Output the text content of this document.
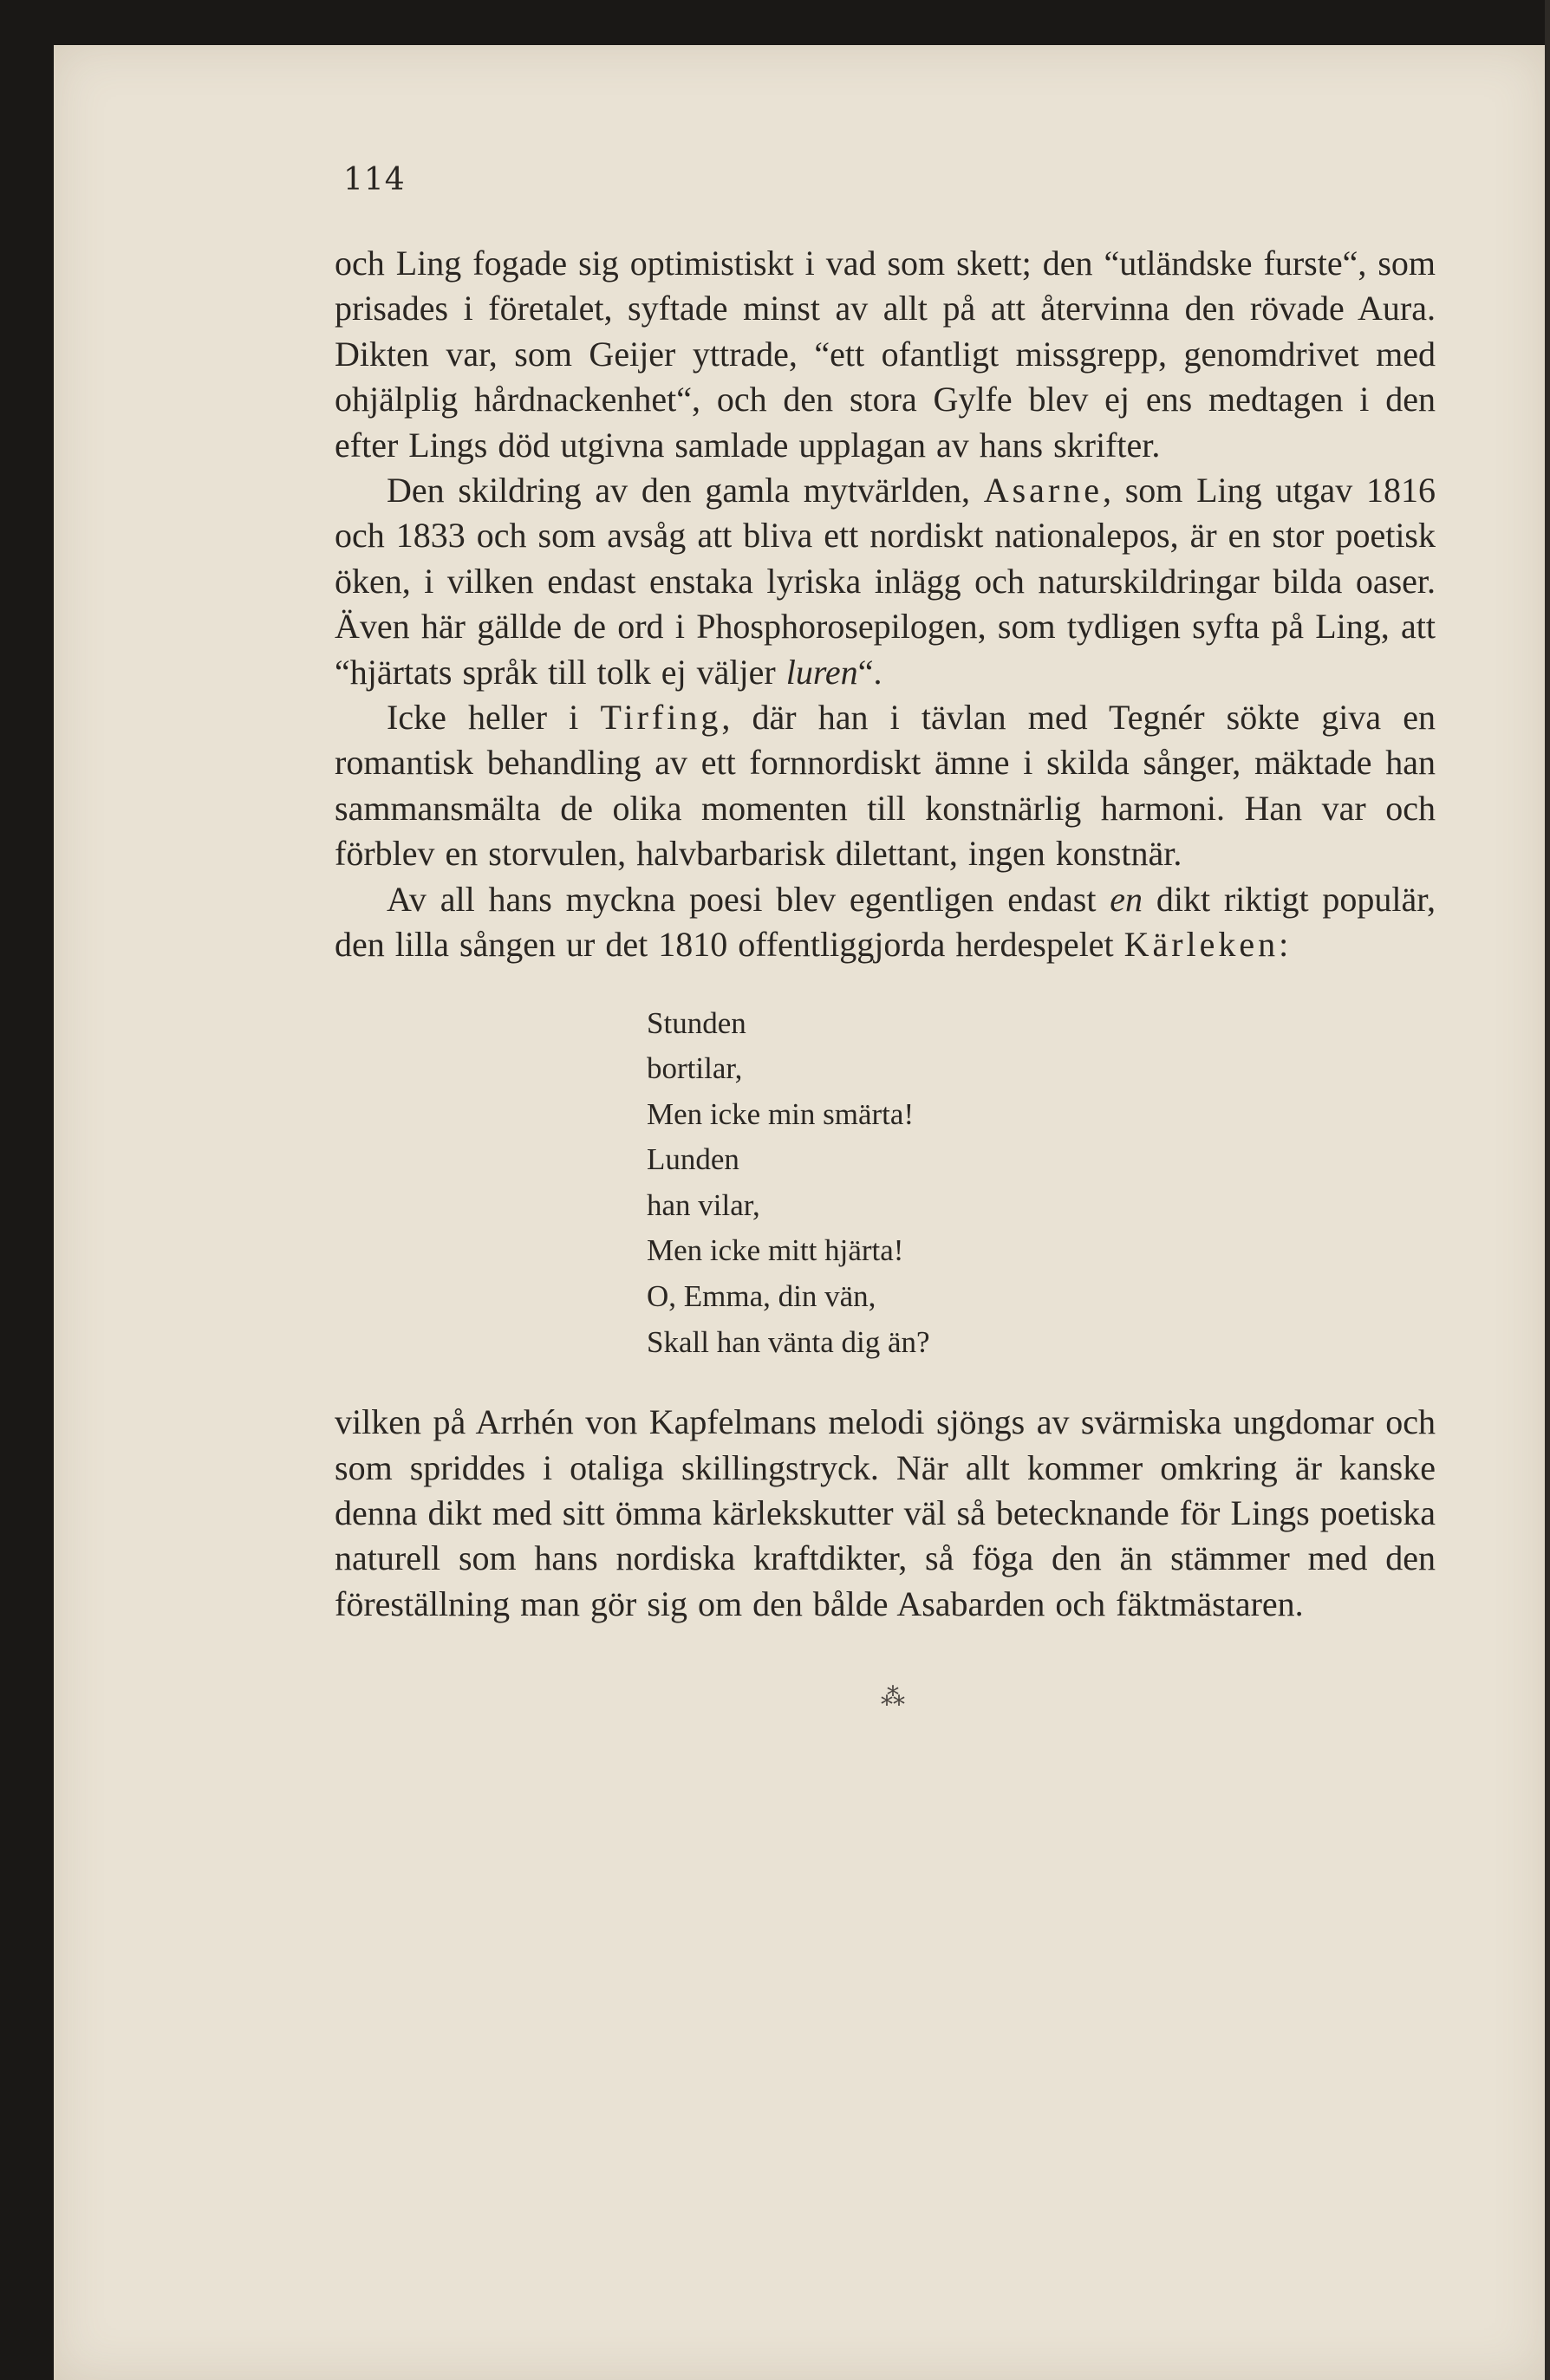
114

och Ling fogade sig optimistiskt i vad som skett; den “utländske furste“, som prisades i företalet, syftade minst av allt på att återvinna den rövade Aura. Dikten var, som Geijer yttrade, “ett ofantligt missgrepp, genomdrivet med ohjälplig hårdnackenhet“, och den stora Gylfe blev ej ens medtagen i den efter Lings död utgivna samlade upplagan av hans skrifter.

Den skildring av den gamla mytvärlden, Asarne, som Ling utgav 1816 och 1833 och som avsåg att bliva ett nordiskt nationalepos, är en stor poetisk öken, i vilken endast enstaka lyriska inlägg och naturskildringar bilda oaser. Även här gällde de ord i Phosphorosepilogen, som tydligen syfta på Ling, att “hjärtats språk till tolk ej väljer luren“.

Icke heller i Tirfing, där han i tävlan med Tegnér sökte giva en romantisk behandling av ett fornnordiskt ämne i skilda sånger, mäktade han sammansmälta de olika momenten till konstnärlig harmoni. Han var och förblev en storvulen, halvbarbarisk dilettant, ingen konstnär.

Av all hans myckna poesi blev egentligen endast en dikt riktigt populär, den lilla sången ur det 1810 offentliggjorda herdespelet Kärleken:

Stunden
bortilar,
Men icke min smärta!
Lunden
han vilar,
Men icke mitt hjärta!
O, Emma, din vän,
Skall han vänta dig än?

vilken på Arrhén von Kapfelmans melodi sjöngs av svärmiska ungdomar och som spriddes i otaliga skillingstryck. När allt kommer omkring är kanske denna dikt med sitt ömma kärlekskutter väl så betecknande för Lings poetiska naturell som hans nordiska kraftdikter, så föga den än stämmer med den föreställning man gör sig om den bålde Asabarden och fäktmästaren.

⁂
